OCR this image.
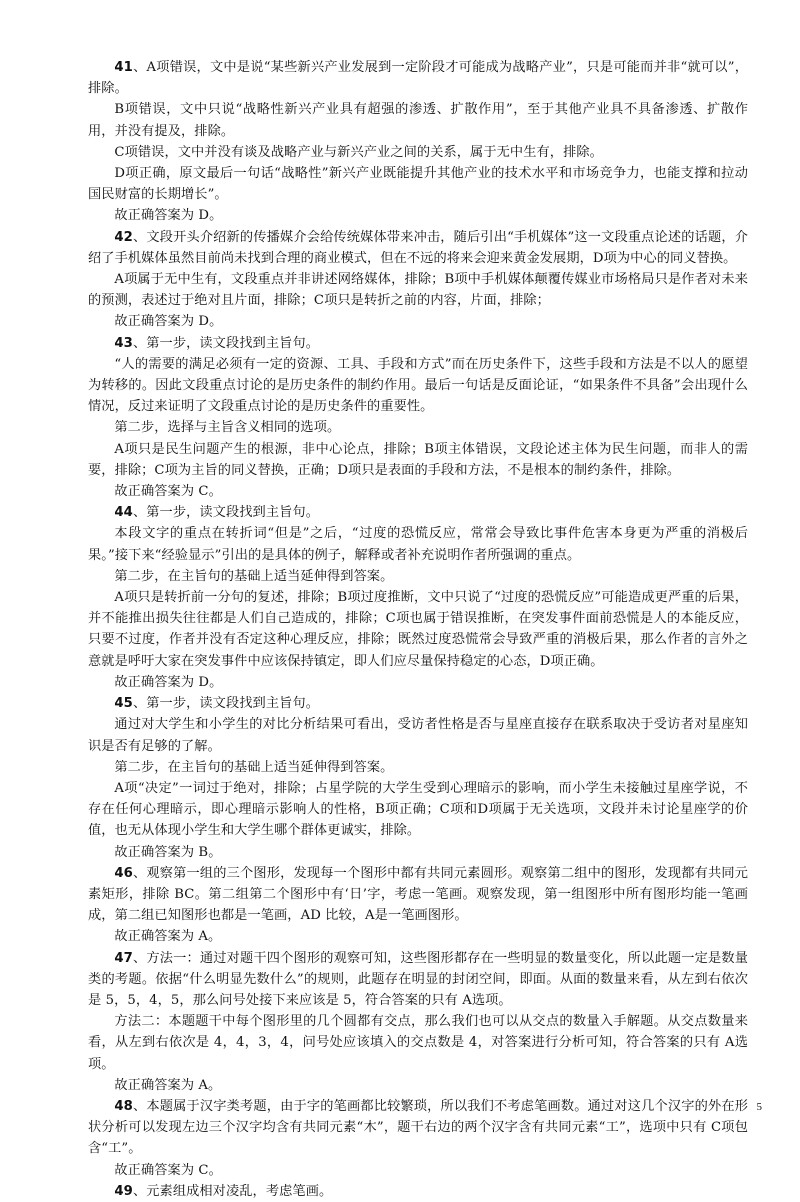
41、A项错误，文中是说“某些新兴产业发展到一定阶段才可能成为战略产业”，只是可能而并非“就可以”，排除。

B项错误，文中只说“战略性新兴产业具有超强的渗透、扩散作用”，至于其他产业具不具备渗透、扩散作用，并没有提及，排除。

C项错误，文中并没有谈及战略产业与新兴产业之间的关系，属于无中生有，排除。

D项正确，原文最后一句话“战略性”新兴产业既能提升其他产业的技术水平和市场竞争力，也能支撑和拉动国民财富的长期增长”。

故正确答案为 D。

42、文段开头介绍新的传播媒介会给传统媒体带来冲击，随后引出“手机媒体”这一文段重点论述的话题，介绍了手机媒体虽然目前尚未找到合理的商业模式，但在不远的将来会迎来黄金发展期，D项为中心的同义替换。

A项属于无中生有，文段重点并非讲述网络媒体，排除；B项中手机媒体颠覆传媒业市场格局只是作者对未来的预测，表述过于绝对且片面，排除；C项只是转折之前的内容，片面，排除；

故正确答案为 D。

43、第一步，读文段找到主旨句。

“人的需要的满足必须有一定的资源、工具、手段和方式”而在历史条件下，这些手段和方法是不以人的愿望为转移的。因此文段重点讨论的是历史条件的制约作用。最后一句话是反面论证，“如果条件不具备”会出现什么情况，反过来证明了文段重点讨论的是历史条件的重要性。

第二步，选择与主旨含义相同的选项。

A项只是民生问题产生的根源，非中心论点，排除；B项主体错误，文段论述主体为民生问题，而非人的需要，排除；C项为主旨的同义替换，正确；D项只是表面的手段和方法，不是根本的制约条件，排除。

故正确答案为 C。

44、第一步，读文段找到主旨句。

本段文字的重点在转折词“但是”之后，“过度的恐慌反应，常常会导致比事件危害本身更为严重的消极后果。”接下来“经验显示”引出的是具体的例子，解释或者补充说明作者所强调的重点。

第二步，在主旨句的基础上适当延伸得到答案。

A项只是转折前一分句的复述，排除；B项过度推断，文中只说了“过度的恐慌反应”可能造成更严重的后果，并不能推出损失往往都是人们自己造成的，排除；C项也属于错误推断，在突发事件面前恐慌是人的本能反应，只要不过度，作者并没有否定这种心理反应，排除；既然过度恐慌常会导致严重的消极后果，那么作者的言外之意就是呼吁大家在突发事件中应该保持镇定，即人们应尽量保持稳定的心态，D项正确。

故正确答案为 D。

45、第一步，读文段找到主旨句。

通过对大学生和小学生的对比分析结果可看出，受访者性格是否与星座直接存在联系取决于受访者对星座知识是否有足够的了解。

第二步，在主旨句的基础上适当延伸得到答案。

A项“决定”一词过于绝对，排除；占星学院的大学生受到心理暗示的影响，而小学生未接触过星座学说，不存在任何心理暗示，即心理暗示影响人的性格，B项正确；C项和D项属于无关选项，文段并未讨论星座学的价值，也无从体现小学生和大学生哪个群体更诚实，排除。

故正确答案为 B。

46、观察第一组的三个图形，发现每一个图形中都有共同元素圆形。观察第二组中的图形，发现都有共同元素矩形，排除 BC。第二组第二个图形中有‘日’字，考虑一笔画。观察发现，第一组图形中所有图形均能一笔画成，第二组已知图形也都是一笔画，AD 比较，A是一笔画图形。

故正确答案为 A。

47、方法一：通过对题干四个图形的观察可知，这些图形都存在一些明显的数量变化，所以此题一定是数量类的考题。依据“什么明显先数什么”的规则，此题存在明显的封闭空间，即面。从面的数量来看，从左到右依次是 5，5，4，5，那么问号处接下来应该是 5，符合答案的只有 A选项。

方法二：本题题干中每个图形里的几个圆都有交点，那么我们也可以从交点的数量入手解题。从交点数量来看，从左到右依次是 4，4，3，4，问号处应该填入的交点数是 4，对答案进行分析可知，符合答案的只有 A选项。

故正确答案为 A。

48、本题属于汉字类考题，由于字的笔画都比较繁琐，所以我们不考虑笔画数。通过对这几个汉字的外在形状分析可以发现左边三个汉字均含有共同元素“木”，题干右边的两个汉字含有共同元素“工”，选项中只有 C项包含“工”。

故正确答案为 C。

49、元素组成相对凌乱，考虑笔画。

5
